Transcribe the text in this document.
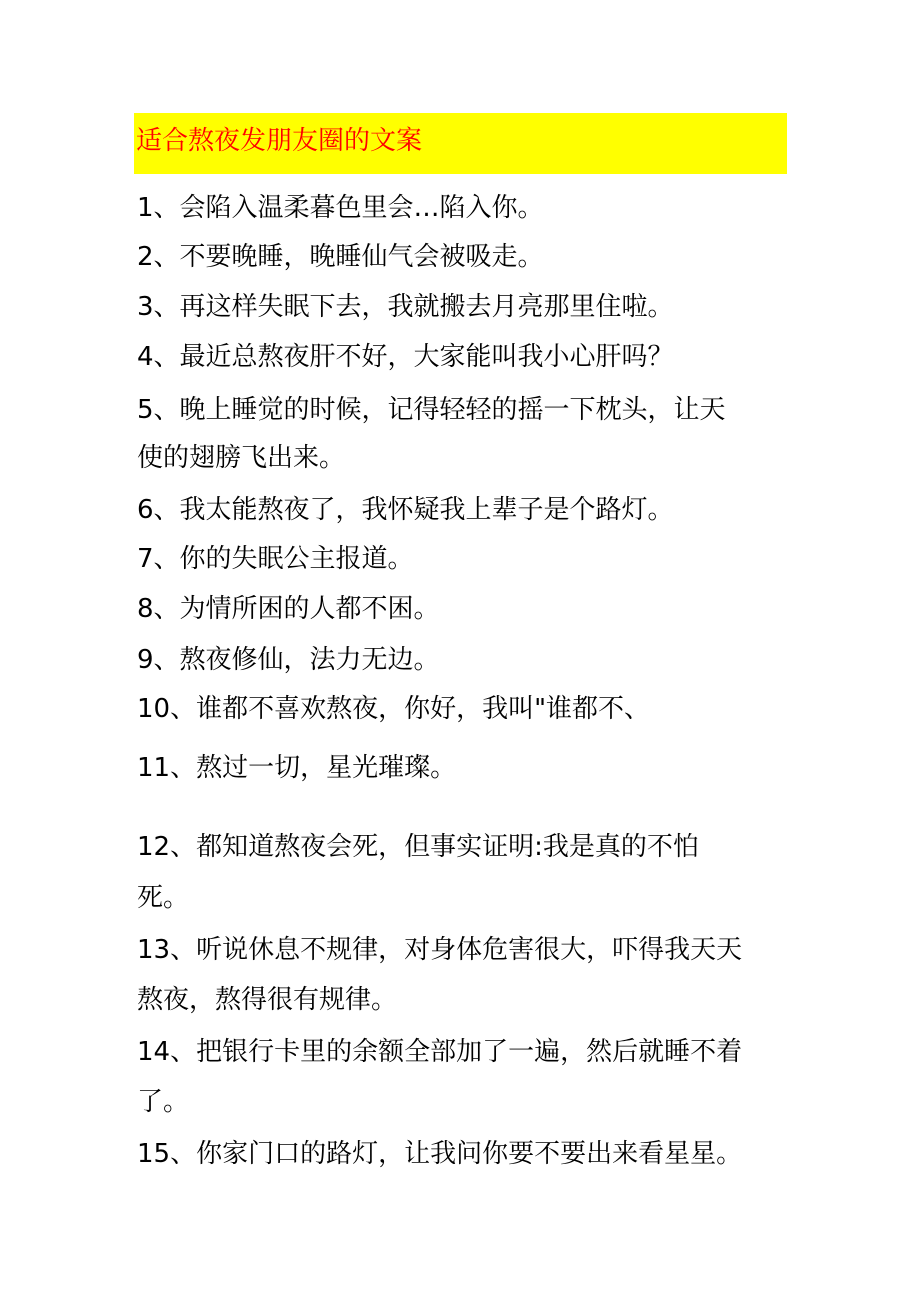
适合熬夜发朋友圈的文案
1、会陷入温柔暮色里会…陷入你。
2、不要晚睡，晚睡仙气会被吸走。
3、再这样失眠下去，我就搬去月亮那里住啦。
4、最近总熬夜肝不好，大家能叫我小心肝吗？
5、晚上睡觉的时候，记得轻轻的摇一下枕头，让天
使的翅膀飞出来。
6、我太能熬夜了，我怀疑我上辈子是个路灯。
7、你的失眠公主报道。
8、为情所困的人都不困。
9、熬夜修仙，法力无边。
10、谁都不喜欢熬夜，你好，我叫"谁都不、
11、熬过一切，星光璀璨。
12、都知道熬夜会死，但事实证明:我是真的不怕
死。
13、听说休息不规律，对身体危害很大，吓得我天天
熬夜，熬得很有规律。
14、把银行卡里的余额全部加了一遍，然后就睡不着
了。
15、你家门口的路灯，让我问你要不要出来看星星。
